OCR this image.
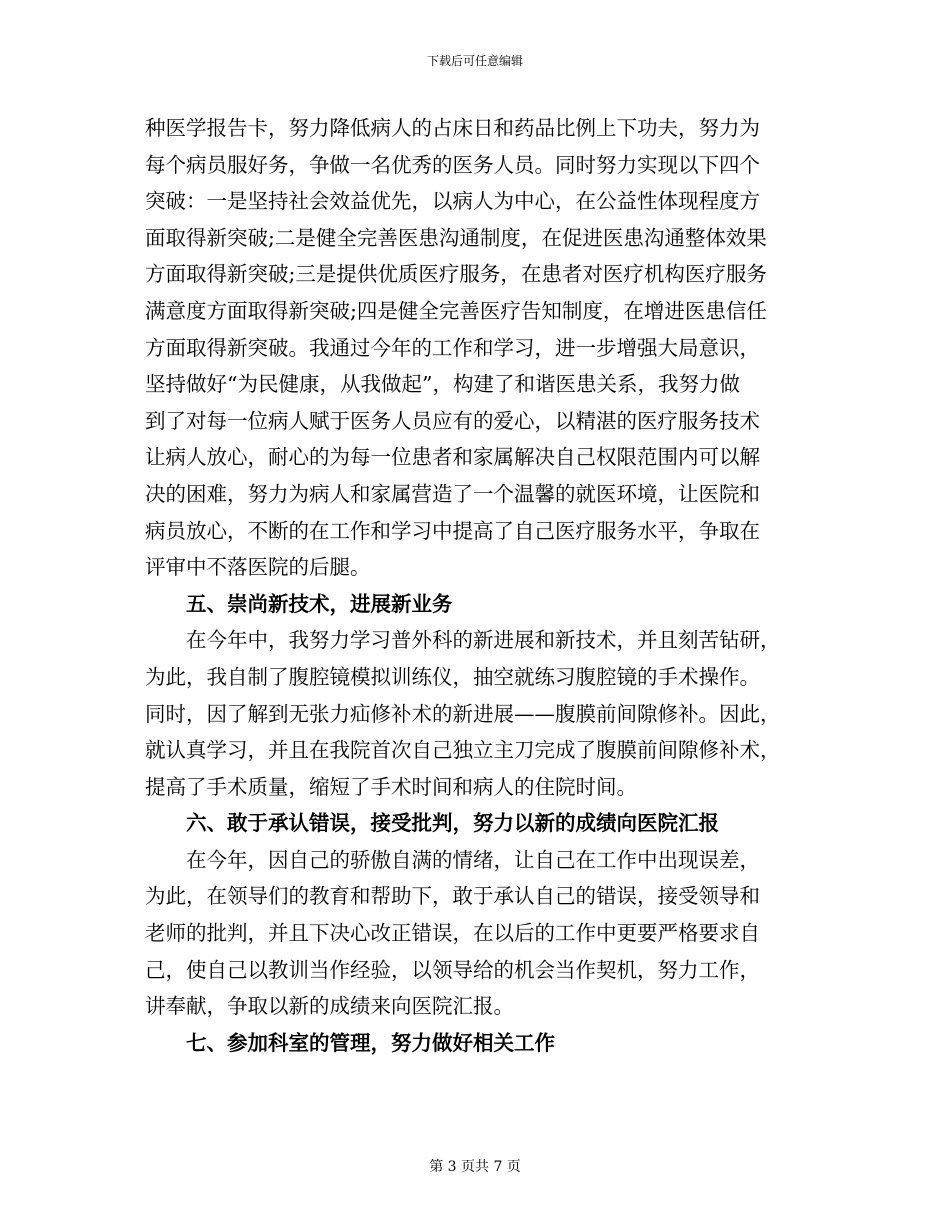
下载后可任意编辑
种医学报告卡，努力降低病人的占床日和药品比例上下功夫，努力为
每个病员服好务，争做一名优秀的医务人员。同时努力实现以下四个
突破：一是坚持社会效益优先，以病人为中心，在公益性体现程度方
面取得新突破;二是健全完善医患沟通制度，在促进医患沟通整体效果
方面取得新突破;三是提供优质医疗服务，在患者对医疗机构医疗服务
满意度方面取得新突破;四是健全完善医疗告知制度，在增进医患信任
方面取得新突破。我通过今年的工作和学习，进一步增强大局意识，
坚持做好“为民健康，从我做起”，构建了和谐医患关系，我努力做
到了对每一位病人赋于医务人员应有的爱心，以精湛的医疗服务技术
让病人放心，耐心的为每一位患者和家属解决自己权限范围内可以解
决的困难，努力为病人和家属营造了一个温馨的就医环境，让医院和
病员放心，不断的在工作和学习中提高了自己医疗服务水平，争取在
评审中不落医院的后腿。
五、崇尚新技术，进展新业务
在今年中，我努力学习普外科的新进展和新技术，并且刻苦钻研，
为此，我自制了腹腔镜模拟训练仪，抽空就练习腹腔镜的手术操作。
同时，因了解到无张力疝修补术的新进展——腹膜前间隙修补。因此，
就认真学习，并且在我院首次自己独立主刀完成了腹膜前间隙修补术，
提高了手术质量，缩短了手术时间和病人的住院时间。
六、敢于承认错误，接受批判，努力以新的成绩向医院汇报
在今年，因自己的骄傲自满的情绪，让自己在工作中出现误差，
为此，在领导们的教育和帮助下，敢于承认自己的错误，接受领导和
老师的批判，并且下决心改正错误，在以后的工作中更要严格要求自
己，使自己以教训当作经验，以领导给的机会当作契机，努力工作，
讲奉献，争取以新的成绩来向医院汇报。
七、参加科室的管理，努力做好相关工作
第 3 页共 7 页
